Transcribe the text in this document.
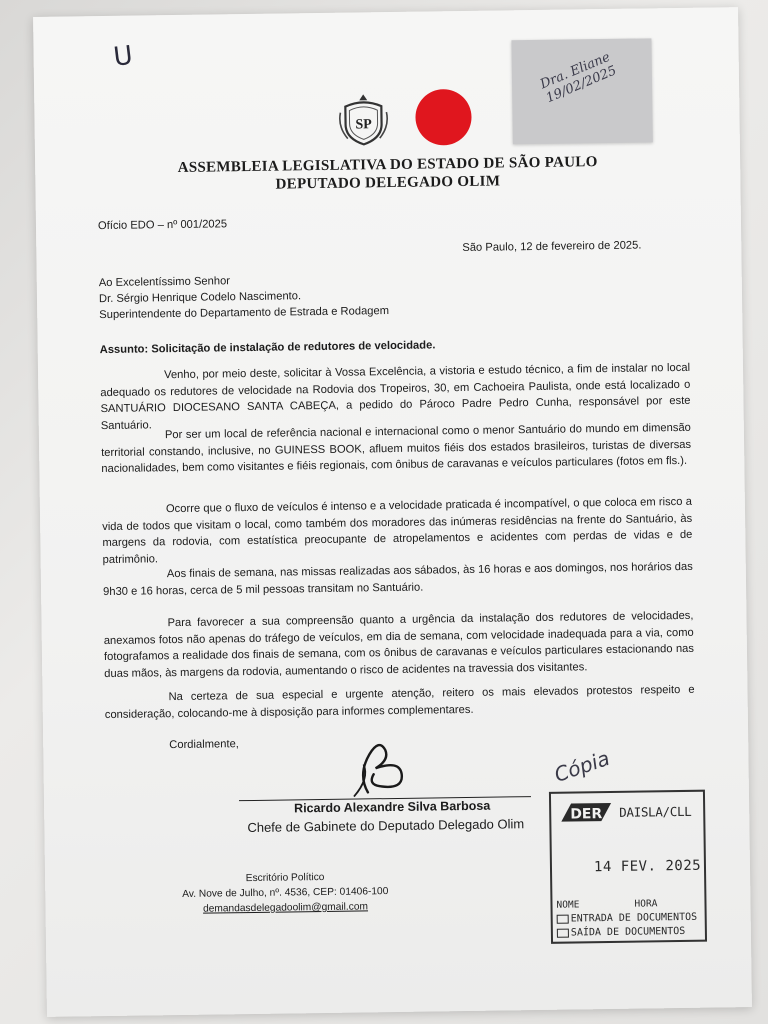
U	Dra. Eliane 19/02/2025
SP
ASSEMBLEIA LEGISLATIVA DO ESTADO DE SÃO PAULO
DEPUTADO DELEGADO OLIM
Ofício EDO – nº 001/2025
São Paulo, 12 de fevereiro de 2025.
Ao Excelentíssimo Senhor
Dr. Sérgio Henrique Codelo Nascimento.
Superintendente do Departamento de Estrada e Rodagem
Assunto: Solicitação de instalação de redutores de velocidade.
Venho, por meio deste, solicitar à Vossa Excelência, a vistoria e estudo técnico, a fim de instalar no local adequado os redutores de velocidade na Rodovia dos Tropeiros, 30, em Cachoeira Paulista, onde está localizado o SANTUÁRIO DIOCESANO SANTA CABEÇA, a pedido do Pároco Padre Pedro Cunha, responsável por este Santuário.	Por ser um local de referência nacional e internacional como o menor Santuário do mundo em dimensão territorial constando, inclusive, no GUINESS BOOK, afluem muitos fiéis dos estados brasileiros, turistas de diversas nacionalidades, bem como visitantes e fiéis regionais, com ônibus de caravanas e veículos particulares (fotos em fls.).
Ocorre que o fluxo de veículos é intenso e a velocidade praticada é incompatível, o que coloca em risco a vida de todos que visitam o local, como também dos moradores das inúmeras residências na frente do Santuário, às margens da rodovia, com estatística preocupante de atropelamentos e acidentes com perdas de vidas e de patrimônio.
Aos finais de semana, nas missas realizadas aos sábados, às 16 horas e aos domingos, nos horários das 9h30 e 16 horas, cerca de 5 mil pessoas transitam no Santuário.
Para favorecer a sua compreensão quanto a urgência da instalação dos redutores de velocidades, anexamos fotos não apenas do tráfego de veículos, em dia de semana, com velocidade inadequada para a via, como fotografamos a realidade dos finais de semana, com os ônibus de caravanas e veículos particulares estacionando nas duas mãos, às margens da rodovia, aumentando o risco de acidentes na travessia dos visitantes.
Na certeza de sua especial e urgente atenção, reitero os mais elevados protestos respeito e consideração, colocando-me à disposição para informes complementares.
Cordialmente,
Ricardo Alexandre Silva Barbosa
Chefe de Gabinete do Deputado Delegado Olim
Escritório Político
Av. Nove de Julho, nº. 4536, CEP: 01406-100
demandasdelegadoolim@gmail.com
Cópia
DER DAISLA/CLL
14 FEV. 2025
NOME	HORA
ENTRADA DE DOCUMENTOS
SAÍDA DE DOCUMENTOS
